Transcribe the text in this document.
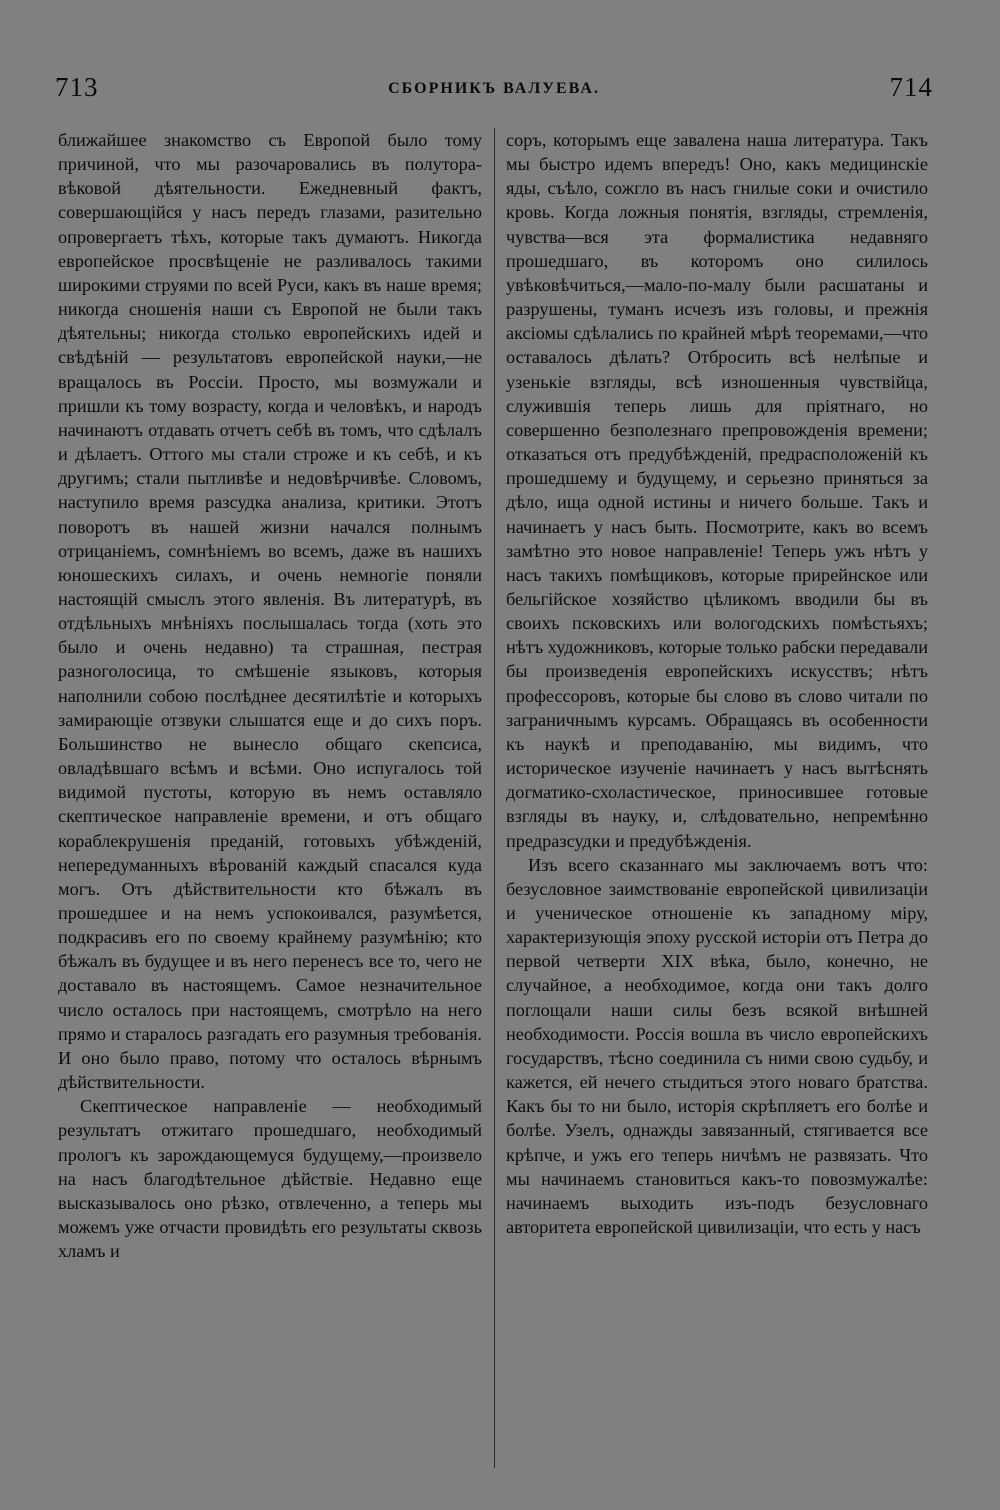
713	СБОРНИКЪ ВАЛУЕВА.	714

ближайшее знакомство съ Европой было тому причиной, что мы разочаровались въ полутора-вѣковой дѣятельности. Ежедневный фактъ, совершающійся у насъ передъ глазами, разительно опровергаетъ тѣхъ, которые такъ думаютъ. Никогда европейское просвѣщеніе не разливалось такими широкими струями по всей Руси, какъ въ наше время; никогда сношенія наши съ Европой не были такъ дѣятельны; никогда столько европейскихъ идей и свѣдѣній — результатовъ европейской науки,—не вращалось въ Россіи. Просто, мы возмужали и пришли къ тому возрасту, когда и человѣкъ, и народъ начинаютъ отдавать отчетъ себѣ въ томъ, что сдѣлалъ и дѣлаетъ. Оттого мы стали строже и къ себѣ, и къ другимъ; стали пытливѣе и недовѣрчивѣе. Словомъ, наступило время разсудка анализа, критики. Этотъ поворотъ въ нашей жизни начался полнымъ отрицаніемъ, сомнѣніемъ во всемъ, даже въ нашихъ юношескихъ силахъ, и очень немногіе поняли настоящій смыслъ этого явленія. Въ литературѣ, въ отдѣльныхъ мнѣніяхъ послышалась тогда (хоть это было и очень недавно) та страшная, пестрая разноголосица, то смѣшеніе языковъ, которыя наполнили собою послѣднее десятилѣтіе и которыхъ замирающіе отзвуки слышатся еще и до сихъ поръ. Большинство не вынесло общаго скепсиса, овладѣвшаго всѣмъ и всѣми. Оно испугалось той видимой пустоты, которую въ немъ оставляло скептическое направленіе времени, и отъ общаго кораблекрушенія преданій, готовыхъ убѣжденій, непередуманныхъ вѣрованій каждый спасался куда могъ. Отъ дѣйствительности кто бѣжалъ въ прошедшее и на немъ успокоивался, разумѣется, подкрасивъ его по своему крайнему разумѣнію; кто бѣжалъ въ будущее и въ него перенесъ все то, чего не доставало въ настоящемъ. Самое незначительное число осталось при настоящемъ, смотрѣло на него прямо и старалось разгадать его разумныя требованія. И оно было право, потому что осталось вѣрнымъ дѣйствительности.

Скептическое направленіе — необходимый результатъ отжитаго прошедшаго, необходимый прологъ къ зарождающемуся будущему,—произвело на насъ благодѣтельное дѣйствіе. Недавно еще высказывалось оно рѣзко, отвлеченно, а теперь мы можемъ уже отчасти провидѣть его результаты сквозь хламъ и

соръ, которымъ еще завалена наша литература. Такъ мы быстро идемъ впередъ! Оно, какъ медицинскіе яды, съѣло, сожгло въ насъ гнилые соки и очистило кровь. Когда ложныя понятія, взгляды, стремленія, чувства—вся эта формалистика недавняго прошедшаго, въ которомъ оно силилось увѣковѣчиться,—мало-по-малу были расшатаны и разрушены, туманъ исчезъ изъ головы, и прежнія аксіомы сдѣлались по крайней мѣрѣ теоремами,—что оставалось дѣлать? Отбросить всѣ нелѣпые и узенькіе взгляды, всѣ изношенныя чувствійца, служившія теперь лишь для пріятнаго, но совершенно безполезнаго препровожденія времени; отказаться отъ предубѣжденій, предрасположеній къ прошедшему и будущему, и серьезно приняться за дѣло, ища одной истины и ничего больше. Такъ и начинаетъ у насъ быть. Посмотрите, какъ во всемъ замѣтно это новое направленіе! Теперь ужъ нѣтъ у насъ такихъ помѣщиковъ, которые прирейнское или бельгійское хозяйство цѣликомъ вводили бы въ своихъ псковскихъ или вологодскихъ помѣстьяхъ; нѣтъ художниковъ, которые только рабски передавали бы произведенія европейскихъ искусствъ; нѣтъ профессоровъ, которые бы слово въ слово читали по заграничнымъ курсамъ. Обращаясь въ особенности къ наукѣ и преподаванію, мы видимъ, что историческое изученіе начинаетъ у насъ вытѣснять догматико-схоластическое, приносившее готовые взгляды въ науку, и, слѣдовательно, непремѣнно предразсудки и предубѣжденія.

Изъ всего сказаннаго мы заключаемъ вотъ что: безусловное заимствованіе европейской цивилизаціи и ученическое отношеніе къ западному міру, характеризующія эпоху русской исторіи отъ Петра до первой четверти XIX вѣка, было, конечно, не случайное, а необходимое, когда они такъ долго поглощали наши силы безъ всякой внѣшней необходимости. Россія вошла въ число европейскихъ государствъ, тѣсно соединила съ ними свою судьбу, и кажется, ей нечего стыдиться этого новаго братства. Какъ бы то ни было, исторія скрѣпляетъ его болѣе и болѣе. Узелъ, однажды завязанный, стягивается все крѣпче, и ужъ его теперь ничѣмъ не развязать. Что мы начинаемъ становиться какъ-то повозмужалѣе: начинаемъ выходить изъ-подъ безусловнаго авторитета европейской цивилизаціи, что есть у насъ
